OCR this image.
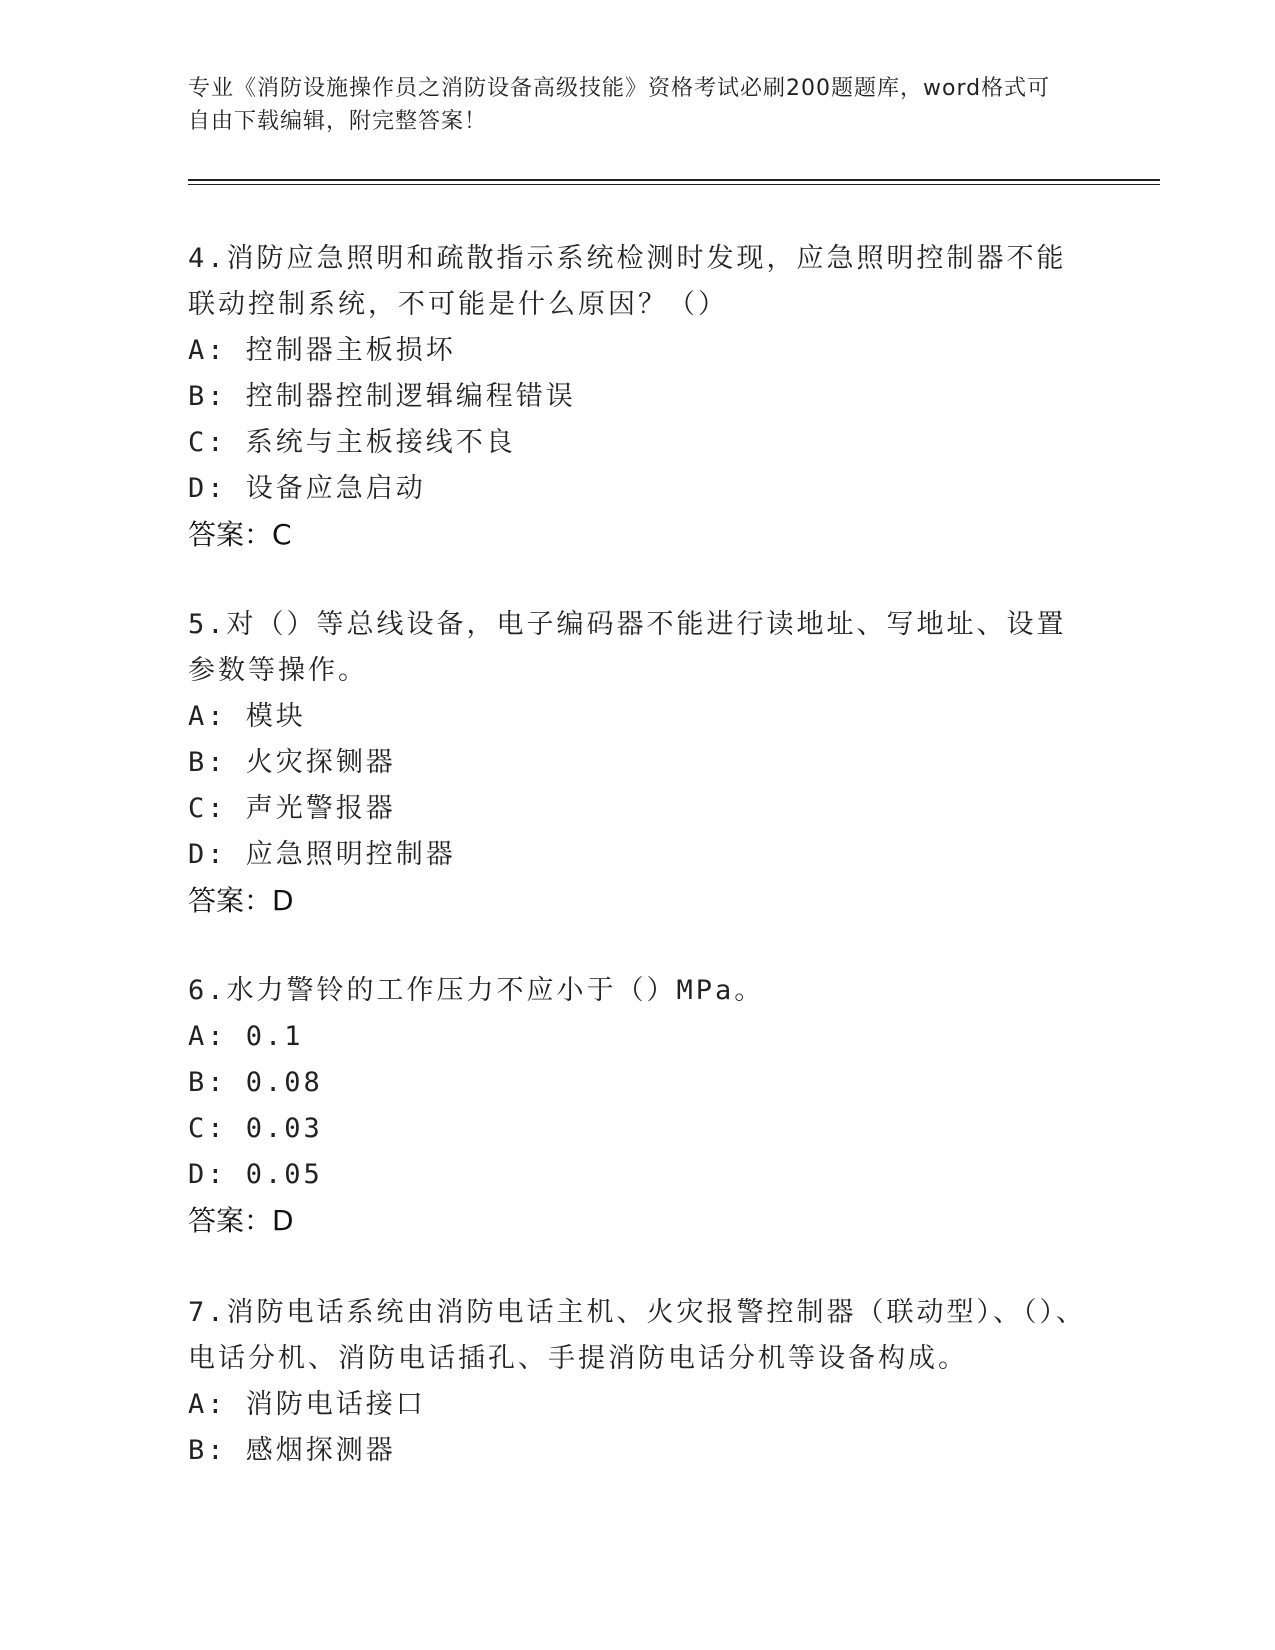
专业《消防设施操作员之消防设备高级技能》资格考试必刷200题题库，word格式可自由下载编辑，附完整答案！

4.消防应急照明和疏散指示系统检测时发现，应急照明控制器不能联动控制系统，不可能是什么原因？（）

A: 控制器主板损坏

B: 控制器控制逻辑编程错误

C: 系统与主板接线不良

D: 设备应急启动

答案：C

5.对（）等总线设备，电子编码器不能进行读地址、写地址、设置参数等操作。

A: 模块

B: 火灾探铡器

C: 声光警报器

D: 应急照明控制器

答案：D

6.水力警铃的工作压力不应小于（）MPa。

A: 0.1

B: 0.08

C: 0.03

D: 0.05

答案：D

7.消防电话系统由消防电话主机、火灾报警控制器（联动型）、（）、电话分机、消防电话插孔、手提消防电话分机等设备构成。

A: 消防电话接口

B: 感烟探测器
